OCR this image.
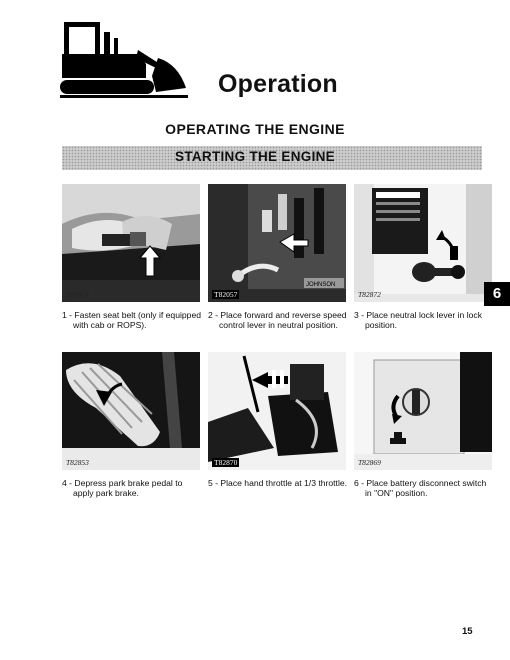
Operation
OPERATING THE ENGINE
STARTING THE ENGINE
T82024
JOHNSON
T82057	T82872
T82853	T82870	T82869
1 - Fasten seat belt (only if equipped with cab or ROPS).
2 - Place forward and reverse speed control lever in neutral position.
3 - Place neutral lock lever in lock position.
4 - Depress park brake pedal to apply park brake.
5 - Place hand throttle at 1/3 throttle. 6 - Place battery disconnect switch in "ON" position.
6
15
